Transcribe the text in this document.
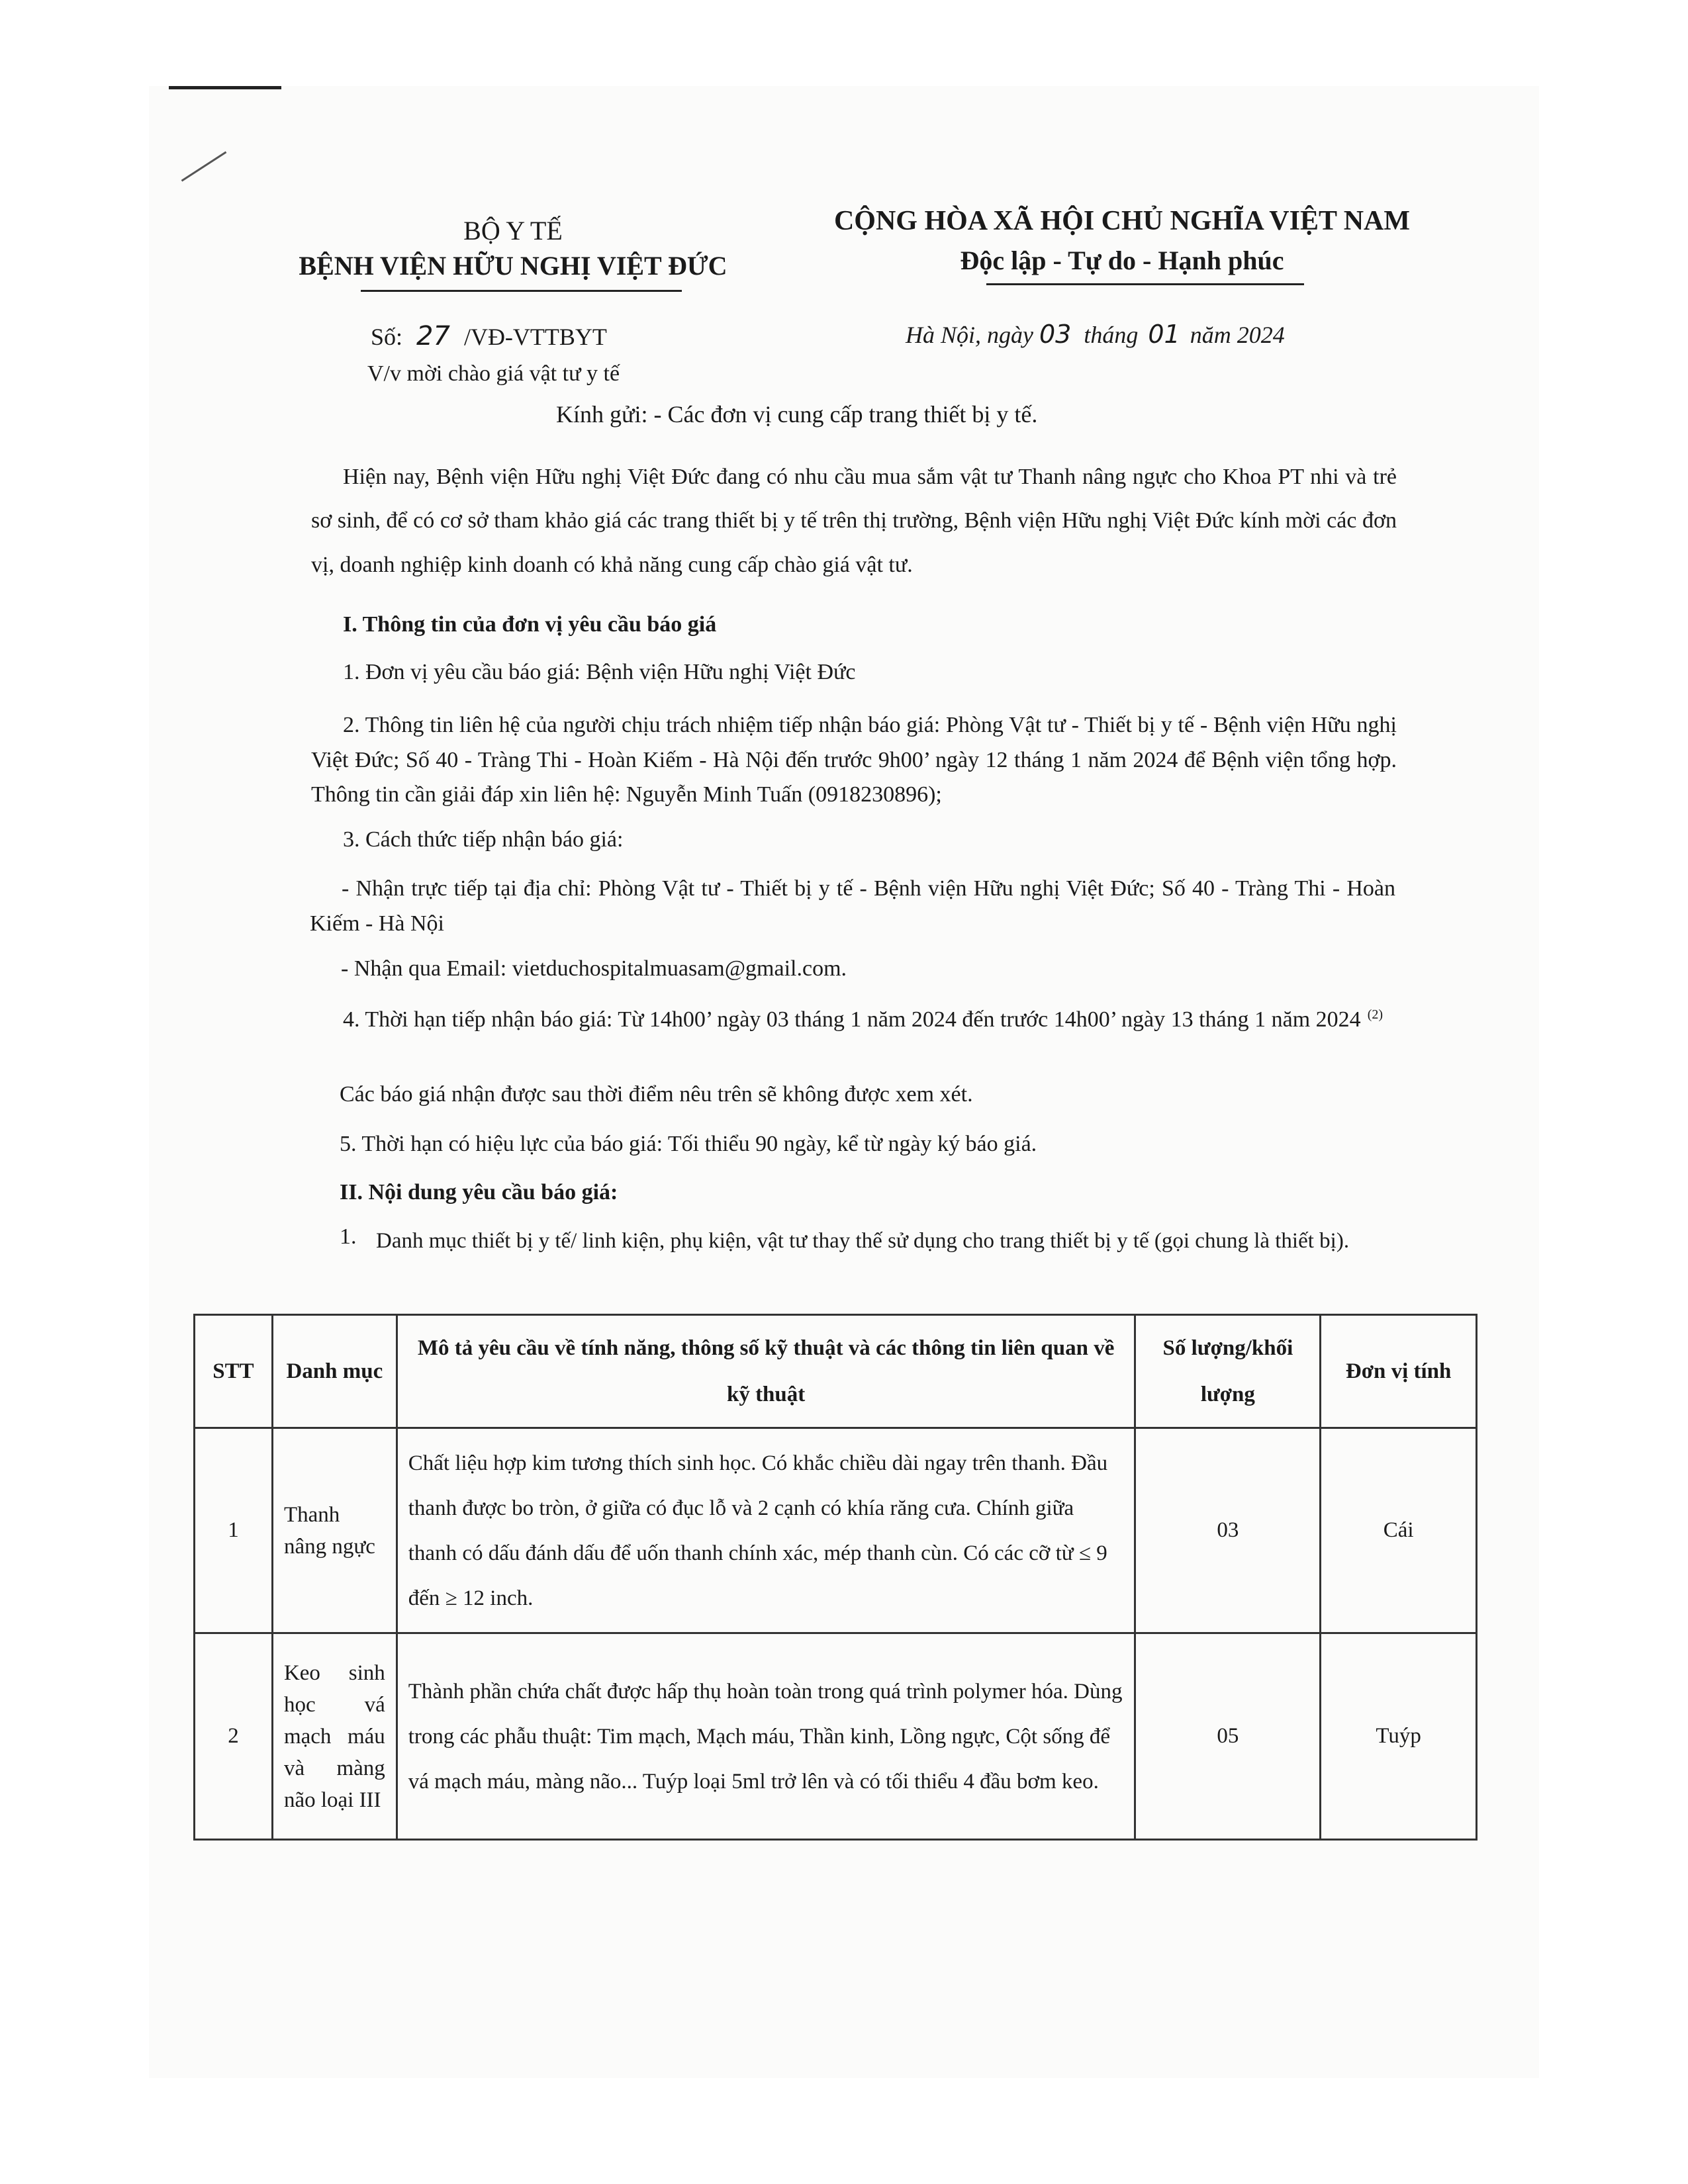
BỘ Y TẾ
BỆNH VIỆN HỮU NGHỊ VIỆT ĐỨC
CỘNG HÒA XÃ HỘI CHỦ NGHĨA VIỆT NAM
Độc lập - Tự do - Hạnh phúc
Số: 27 /VĐ-VTTBYT	Hà Nội, ngày 03 tháng 01 năm 2024
V/v mời chào giá vật tư y tế
Kính gửi: - Các đơn vị cung cấp trang thiết bị y tế.
Hiện nay, Bệnh viện Hữu nghị Việt Đức đang có nhu cầu mua sắm vật tư Thanh nâng ngực cho Khoa PT nhi và trẻ sơ sinh, để có cơ sở tham khảo giá các trang thiết bị y tế trên thị trường, Bệnh viện Hữu nghị Việt Đức kính mời các đơn vị, doanh nghiệp kinh doanh có khả năng cung cấp chào giá vật tư.
I. Thông tin của đơn vị yêu cầu báo giá
1. Đơn vị yêu cầu báo giá: Bệnh viện Hữu nghị Việt Đức
2. Thông tin liên hệ của người chịu trách nhiệm tiếp nhận báo giá: Phòng Vật tư - Thiết bị y tế - Bệnh viện Hữu nghị Việt Đức; Số 40 - Tràng Thi - Hoàn Kiếm - Hà Nội đến trước 9h00’ ngày 12 tháng 1 năm 2024 để Bệnh viện tổng hợp. Thông tin cần giải đáp xin liên hệ: Nguyễn Minh Tuấn (0918230896);
3. Cách thức tiếp nhận báo giá:
- Nhận trực tiếp tại địa chỉ: Phòng Vật tư - Thiết bị y tế - Bệnh viện Hữu nghị Việt Đức; Số 40 - Tràng Thi - Hoàn Kiếm - Hà Nội
- Nhận qua Email: vietduchospitalmuasam@gmail.com.
4. Thời hạn tiếp nhận báo giá: Từ 14h00’ ngày 03 tháng 1 năm 2024 đến trước 14h00’ ngày 13 tháng 1 năm 2024 $^{(2)}$
Các báo giá nhận được sau thời điểm nêu trên sẽ không được xem xét.
5. Thời hạn có hiệu lực của báo giá: Tối thiểu 90 ngày, kể từ ngày ký báo giá.
II. Nội dung yêu cầu báo giá:
1. Danh mục thiết bị y tế/ linh kiện, phụ kiện, vật tư thay thế sử dụng cho trang thiết bị y tế (gọi chung là thiết bị).
STT	Danh mục	Mô tả yêu cầu về tính năng, thông số kỹ thuật và các thông tin liên quan về kỹ thuật	Số lượng/khối lượng	Đơn vị tính
1	Thanh nâng ngực	Chất liệu hợp kim tương thích sinh học. Có khắc chiều dài ngay trên thanh. Đầu thanh được bo tròn, ở giữa có đục lỗ và 2 cạnh có khía răng cưa. Chính giữa thanh có dấu đánh dấu để uốn thanh chính xác, mép thanh cùn. Có các cỡ từ ≤ 9 đến ≥ 12 inch.	03	Cái
2	Keo sinh học vá mạch máu và màng não loại III	Thành phần chứa chất được hấp thụ hoàn toàn trong quá trình polymer hóa. Dùng trong các phẫu thuật: Tim mạch, Mạch máu, Thần kinh, Lồng ngực, Cột sống để vá mạch máu, màng não... Tuýp loại 5ml trở lên và có tối thiểu 4 đầu bơm keo.	05	Tuýp
